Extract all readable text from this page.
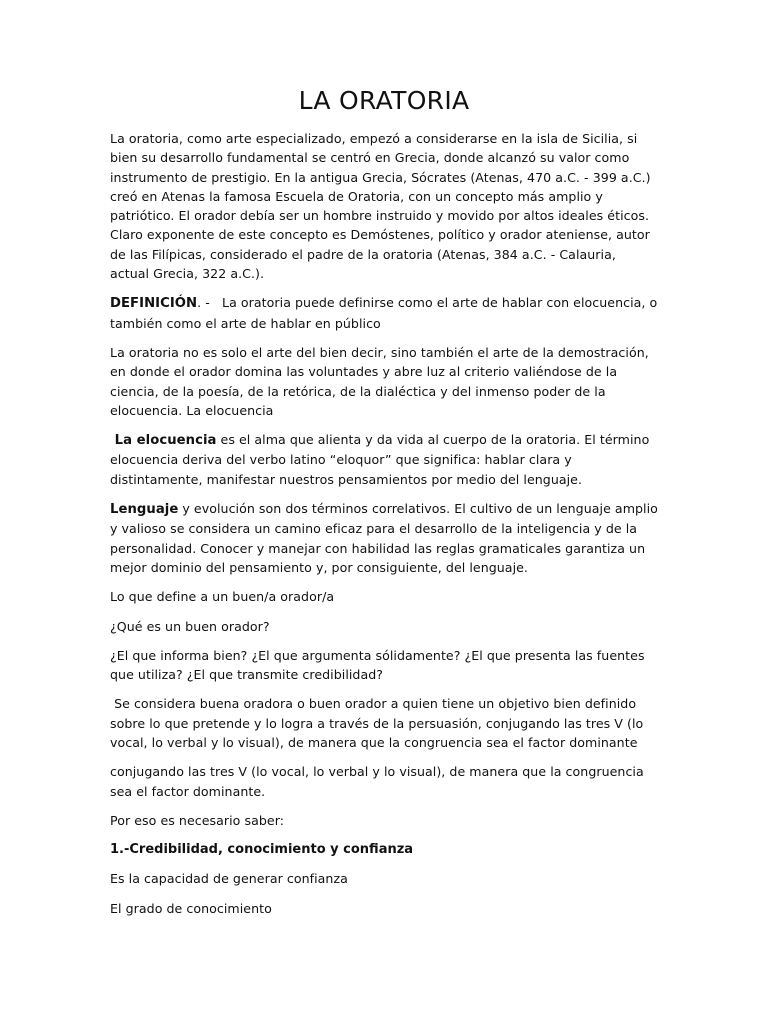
LA ORATORIA

La oratoria, como arte especializado, empezó a considerarse en la isla de Sicilia, si bien su desarrollo fundamental se centró en Grecia, donde alcanzó su valor como instrumento de prestigio. En la antigua Grecia, Sócrates (Atenas, 470 a.C. - 399 a.C.) creó en Atenas la famosa Escuela de Oratoria, con un concepto más amplio y patriótico. El orador debía ser un hombre instruido y movido por altos ideales éticos. Claro exponente de este concepto es Demóstenes, político y orador ateniense, autor de las Filípicas, considerado el padre de la oratoria (Atenas, 384 a.C. - Calauria, actual Grecia, 322 a.C.).

DEFINICIÓN. -   La oratoria puede definirse como el arte de hablar con elocuencia, o también como el arte de hablar en público

La oratoria no es solo el arte del bien decir, sino también el arte de la demostración, en donde el orador domina las voluntades y abre luz al criterio valiéndose de la ciencia, de la poesía, de la retórica, de la dialéctica y del inmenso poder de la elocuencia. La elocuencia

La elocuencia es el alma que alienta y da vida al cuerpo de la oratoria. El término elocuencia deriva del verbo latino “eloquor” que significa: hablar clara y distintamente, manifestar nuestros pensamientos por medio del lenguaje.

Lenguaje y evolución son dos términos correlativos. El cultivo de un lenguaje amplio y valioso se considera un camino eficaz para el desarrollo de la inteligencia y de la personalidad. Conocer y manejar con habilidad las reglas gramaticales garantiza un mejor dominio del pensamiento y, por consiguiente, del lenguaje.

Lo que define a un buen/a orador/a

¿Qué es un buen orador?

¿El que informa bien? ¿El que argumenta sólidamente? ¿El que presenta las fuentes que utiliza? ¿El que transmite credibilidad?

Se considera buena oradora o buen orador a quien tiene un objetivo bien definido sobre lo que pretende y lo logra a través de la persuasión, conjugando las tres V (lo vocal, lo verbal y lo visual), de manera que la congruencia sea el factor dominante

conjugando las tres V (lo vocal, lo verbal y lo visual), de manera que la congruencia sea el factor dominante.

Por eso es necesario saber:

1.-Credibilidad, conocimiento y confianza

Es la capacidad de generar confianza

El grado de conocimiento
